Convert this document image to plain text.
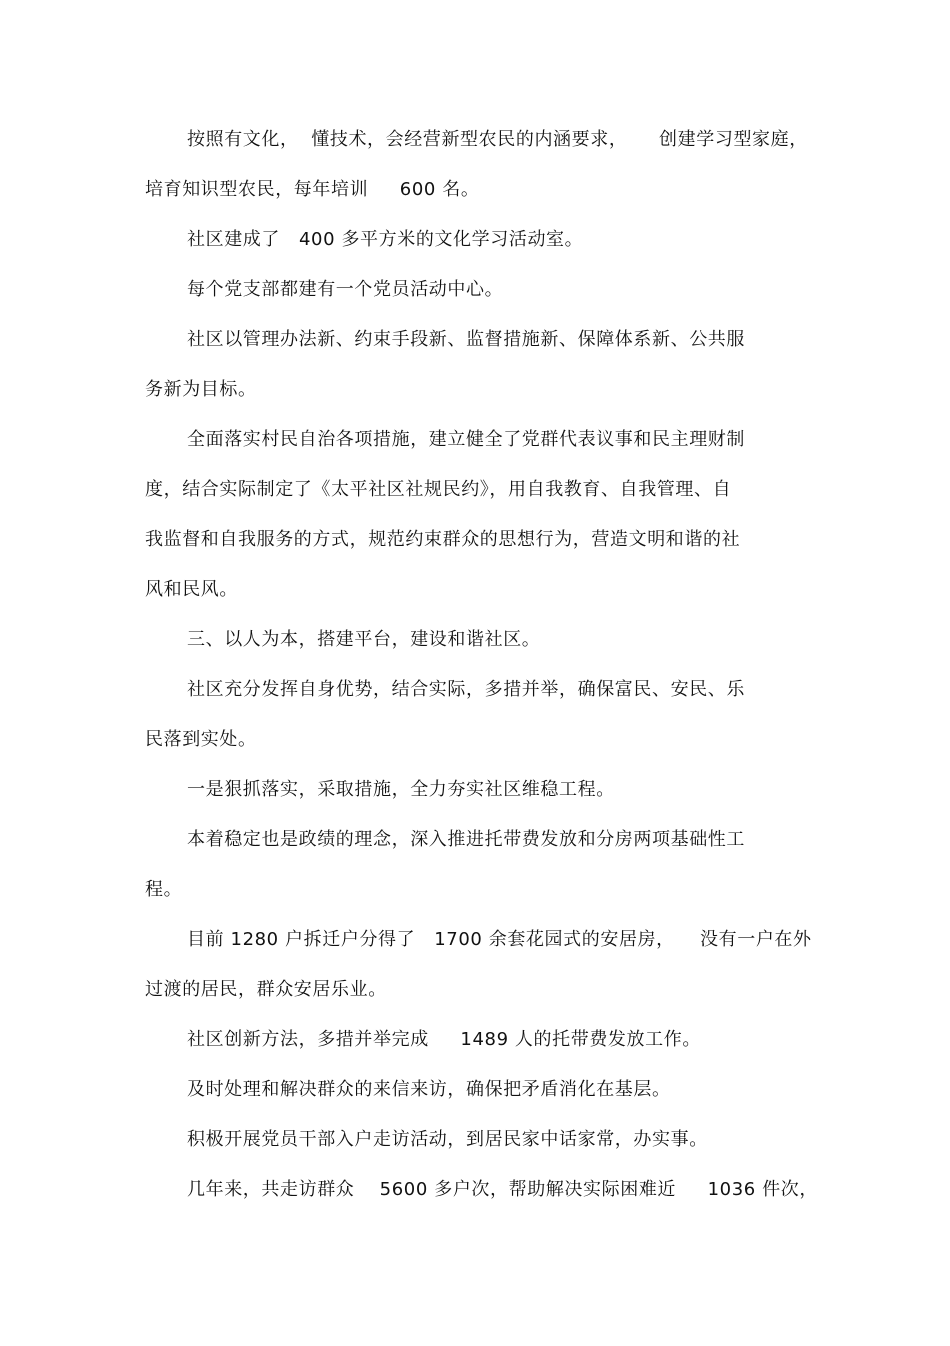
按照有文化，  懂技术，会经营新型农民的内涵要求，     创建学习型家庭，
培育知识型农民，每年培训     600 名。
社区建成了   400 多平方米的文化学习活动室。
每个党支部都建有一个党员活动中心。
社区以管理办法新、约束手段新、监督措施新、保障体系新、公共服
务新为目标。
全面落实村民自治各项措施，建立健全了党群代表议事和民主理财制
度，结合实际制定了《太平社区社规民约》，用自我教育、自我管理、自
我监督和自我服务的方式，规范约束群众的思想行为，营造文明和谐的社
风和民风。
三、以人为本，搭建平台，建设和谐社区。
社区充分发挥自身优势，结合实际，多措并举，确保富民、安民、乐
民落到实处。
一是狠抓落实，采取措施，全力夯实社区维稳工程。
本着稳定也是政绩的理念，深入推进托带费发放和分房两项基础性工
程。
目前 1280 户拆迁户分得了   1700 余套花园式的安居房，    没有一户在外
过渡的居民，群众安居乐业。
社区创新方法，多措并举完成     1489 人的托带费发放工作。
及时处理和解决群众的来信来访，确保把矛盾消化在基层。
积极开展党员干部入户走访活动，到居民家中话家常，办实事。
几年来，共走访群众    5600 多户次，帮助解决实际困难近     1036 件次，
